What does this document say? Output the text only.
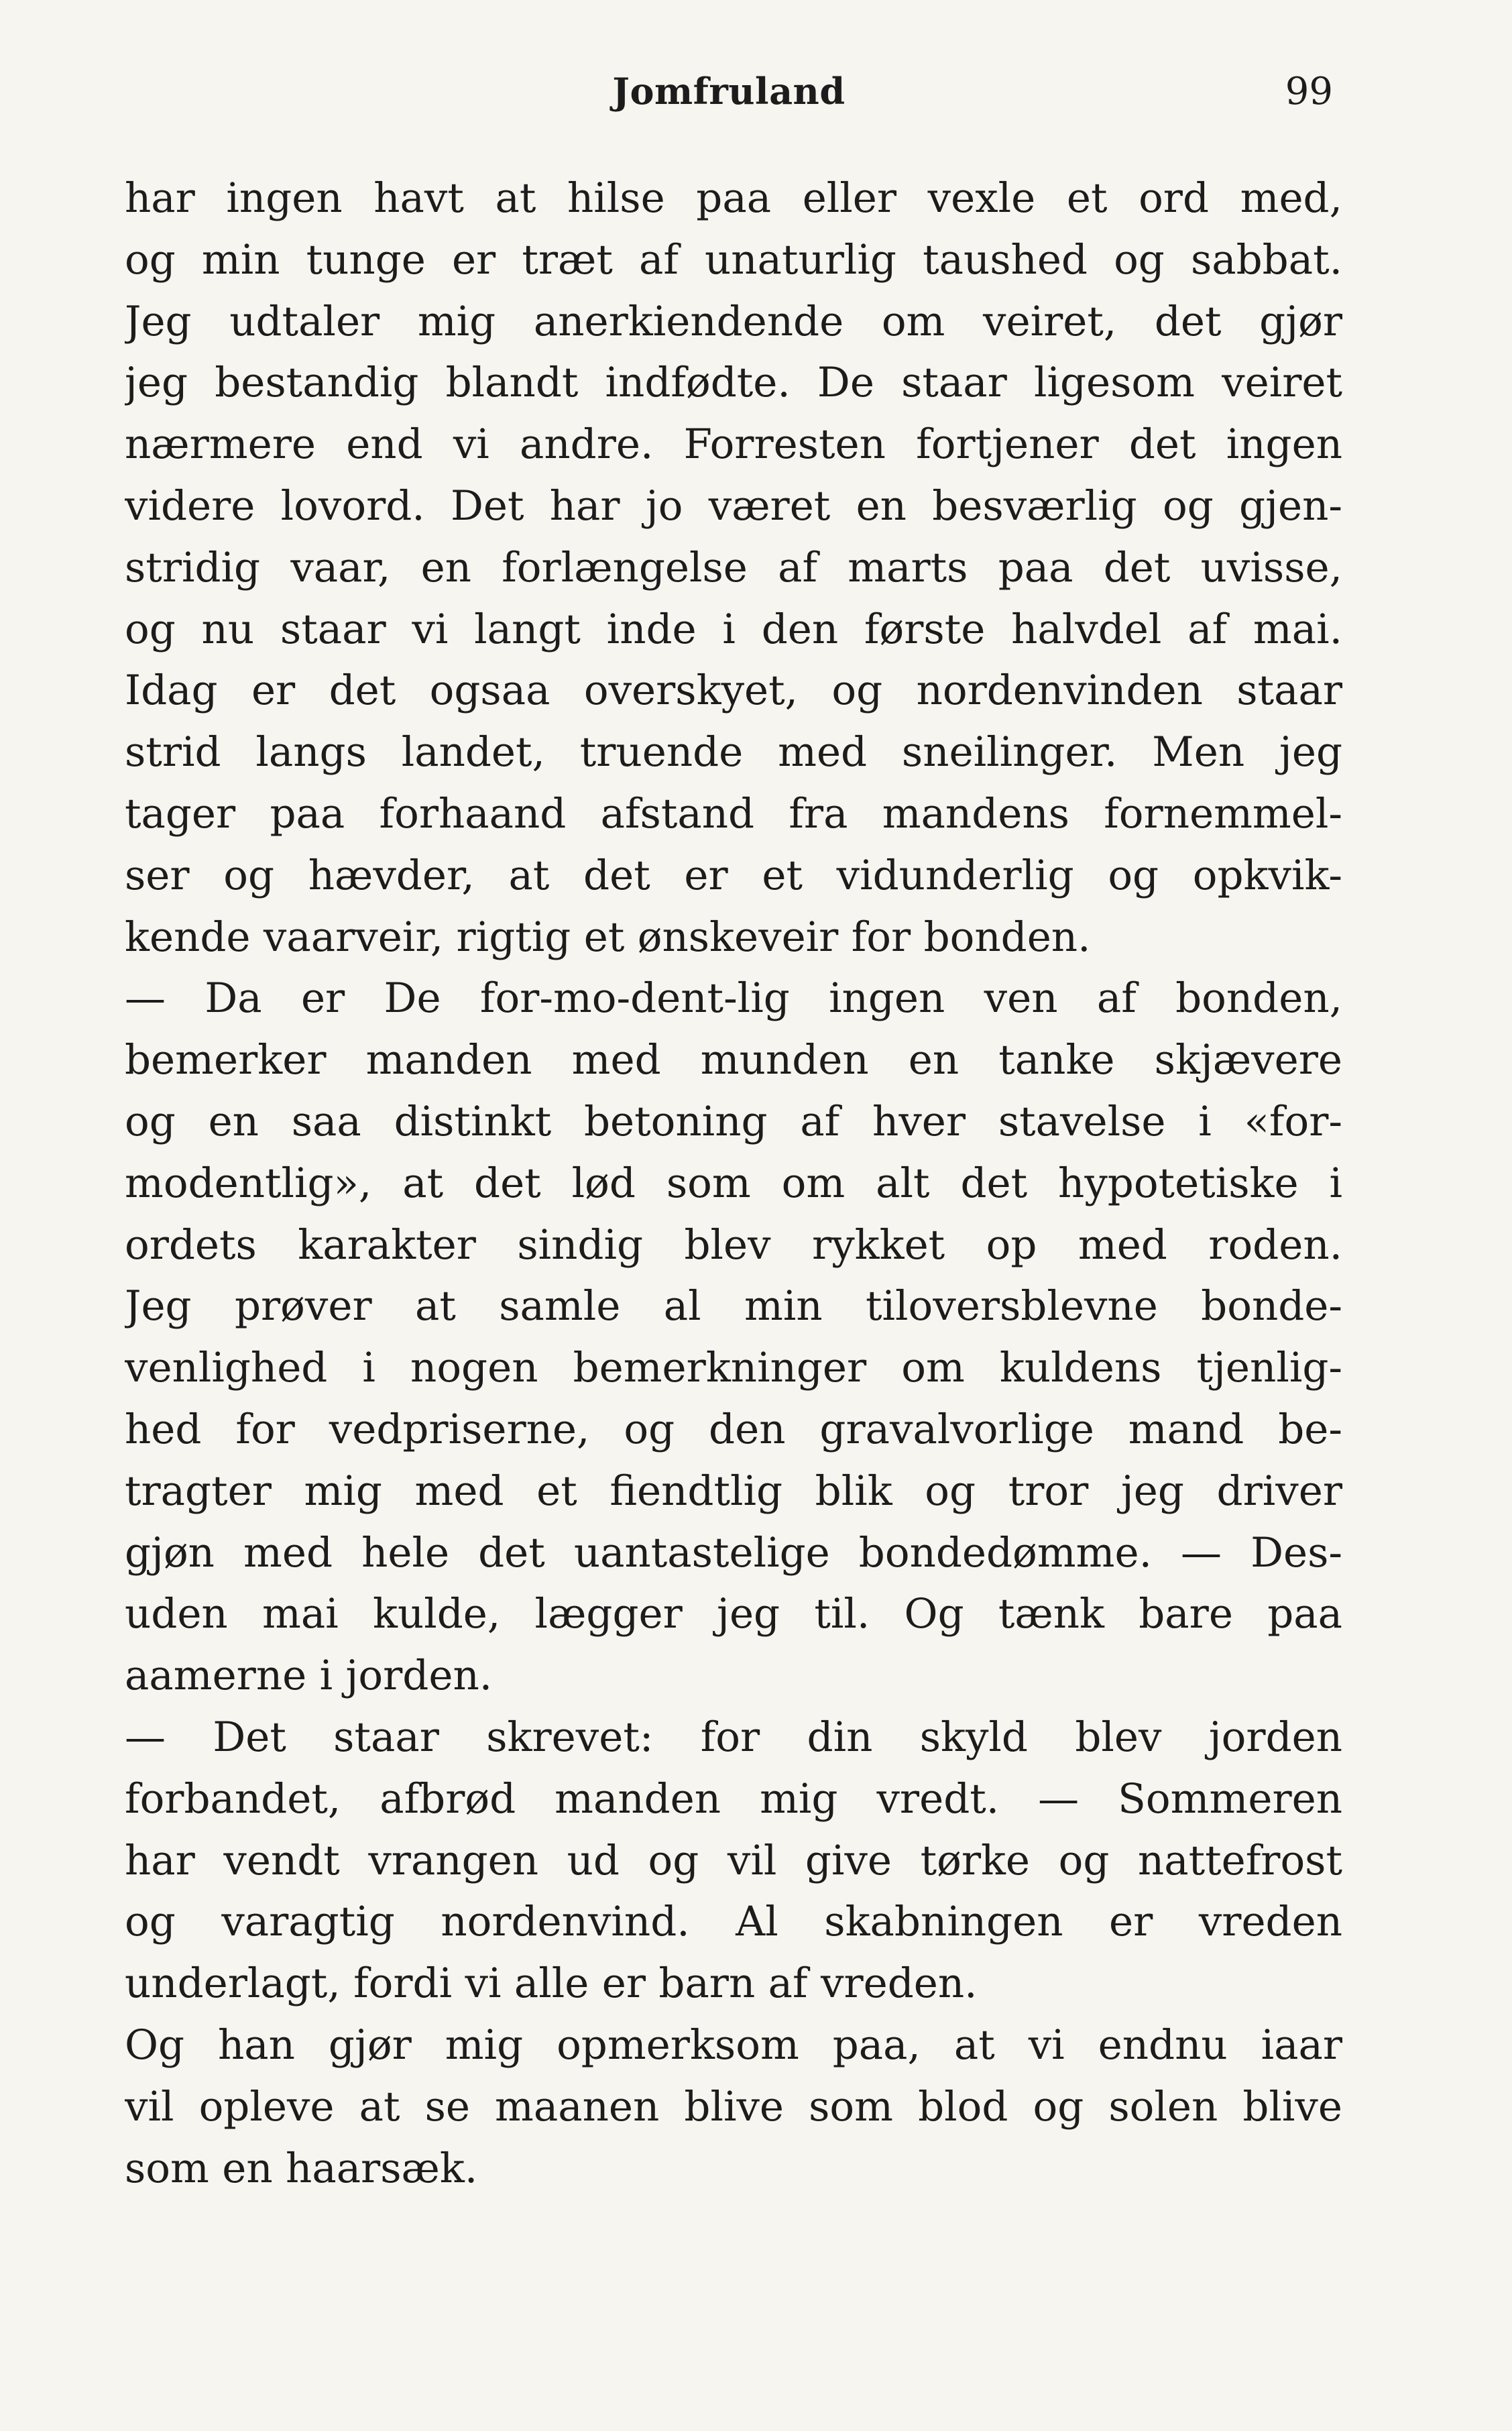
Jomfruland	99
har ingen havt at hilse paa eller vexle et ord med,
og min tunge er træt af unaturlig taushed og sabbat.
Jeg udtaler mig anerkiendende om veiret, det gjør
jeg bestandig blandt indfødte. De staar ligesom veiret
nærmere end vi andre. Forresten fortjener det ingen
videre lovord. Det har jo været en besværlig og gjen-
stridig vaar, en forlængelse af marts paa det uvisse,
og nu staar vi langt inde i den første halvdel af mai.
Idag er det ogsaa overskyet, og nordenvinden staar
strid langs landet, truende med sneilinger. Men jeg
tager paa forhaand afstand fra mandens fornemmel-
ser og hævder, at det er et vidunderlig og opkvik-
kende vaarveir, rigtig et ønskeveir for bonden.
— Da er De for-mo-dent-lig ingen ven af bonden,
bemerker manden med munden en tanke skjævere
og en saa distinkt betoning af hver stavelse i «for-
modentlig», at det lød som om alt det hypotetiske i
ordets karakter sindig blev rykket op med roden.
Jeg prøver at samle al min tiloversblevne bonde-
venlighed i nogen bemerkninger om kuldens tjenlig-
hed for vedpriserne, og den gravalvorlige mand be-
tragter mig med et fiendtlig blik og tror jeg driver
gjøn med hele det uantastelige bondedømme. — Des-
uden mai kulde, lægger jeg til. Og tænk bare paa
aamerne i jorden.
— Det staar skrevet: for din skyld blev jorden
forbandet, afbrød manden mig vredt. — Sommeren
har vendt vrangen ud og vil give tørke og nattefrost
og varagtig nordenvind. Al skabningen er vreden
underlagt, fordi vi alle er barn af vreden.
Og han gjør mig opmerksom paa, at vi endnu iaar
vil opleve at se maanen blive som blod og solen blive
som en haarsæk.
